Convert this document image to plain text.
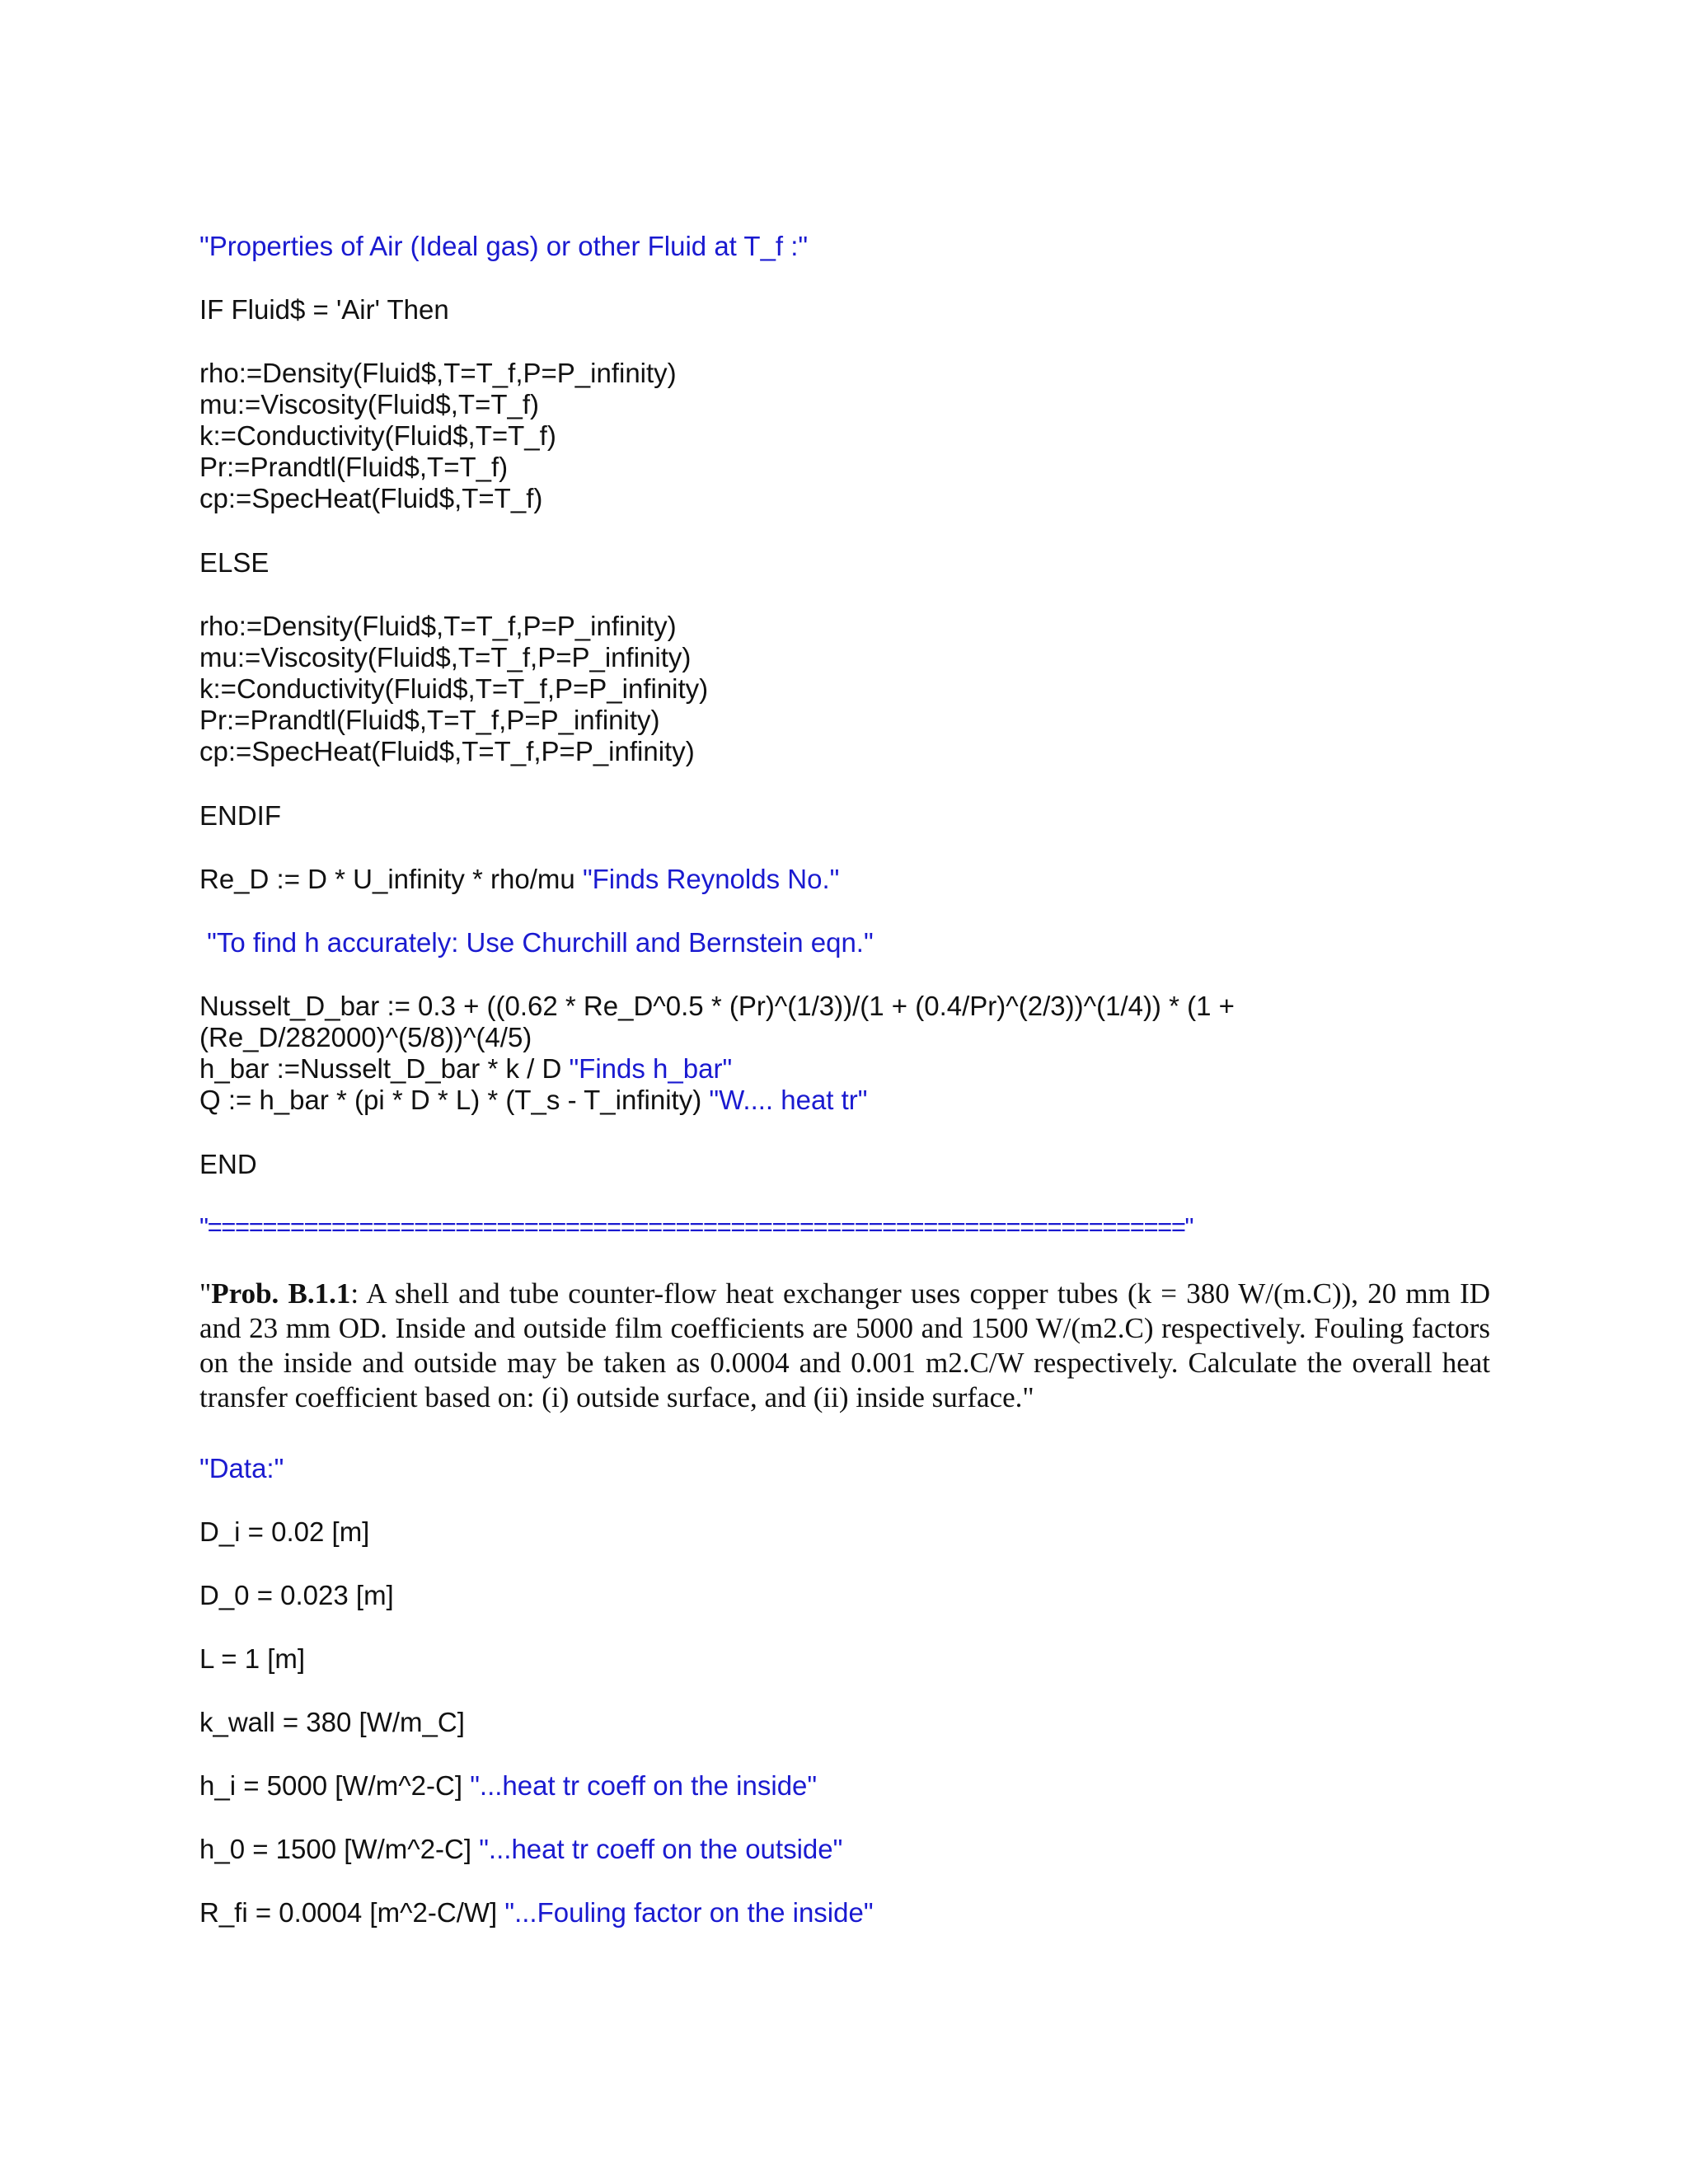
"Properties of Air (Ideal gas) or other Fluid at T_f :"
IF Fluid$ = 'Air' Then
rho:=Density(Fluid$,T=T_f,P=P_infinity)
mu:=Viscosity(Fluid$,T=T_f)
k:=Conductivity(Fluid$,T=T_f)
Pr:=Prandtl(Fluid$,T=T_f)
cp:=SpecHeat(Fluid$,T=T_f)
ELSE
rho:=Density(Fluid$,T=T_f,P=P_infinity)
mu:=Viscosity(Fluid$,T=T_f,P=P_infinity)
k:=Conductivity(Fluid$,T=T_f,P=P_infinity)
Pr:=Prandtl(Fluid$,T=T_f,P=P_infinity)
cp:=SpecHeat(Fluid$,T=T_f,P=P_infinity)
ENDIF
Re_D := D * U_infinity * rho/mu "Finds Reynolds No."
"To find h accurately: Use Churchill and Bernstein eqn."
Nusselt_D_bar := 0.3 + ((0.62 * Re_D^0.5 * (Pr)^(1/3))/(1 + (0.4/Pr)^(2/3))^(1/4)) * (1 +
(Re_D/282000)^(5/8))^(4/5)
h_bar :=Nusselt_D_bar * k / D "Finds h_bar"
Q := h_bar * (pi * D * L) * (T_s - T_infinity) "W.... heat tr"
END
"======================================================================="
"Prob. B.1.1: A shell and tube counter-flow heat exchanger uses copper tubes (k = 380 W/(m.C)), 20 mm ID and 23 mm OD. Inside and outside film coefficients are 5000 and 1500 W/(m2.C) respectively. Fouling factors on the inside and outside may be taken as 0.0004 and 0.001 m2.C/W respectively. Calculate the overall heat transfer coefficient based on: (i) outside surface, and (ii) inside surface."
"Data:"
D_i = 0.02 [m]
D_0 = 0.023 [m]
L = 1 [m]
k_wall = 380 [W/m_C]
h_i = 5000 [W/m^2-C] "...heat tr coeff on the inside"
h_0 = 1500 [W/m^2-C] "...heat tr coeff on the outside"
R_fi = 0.0004 [m^2-C/W] "...Fouling factor on the inside"
